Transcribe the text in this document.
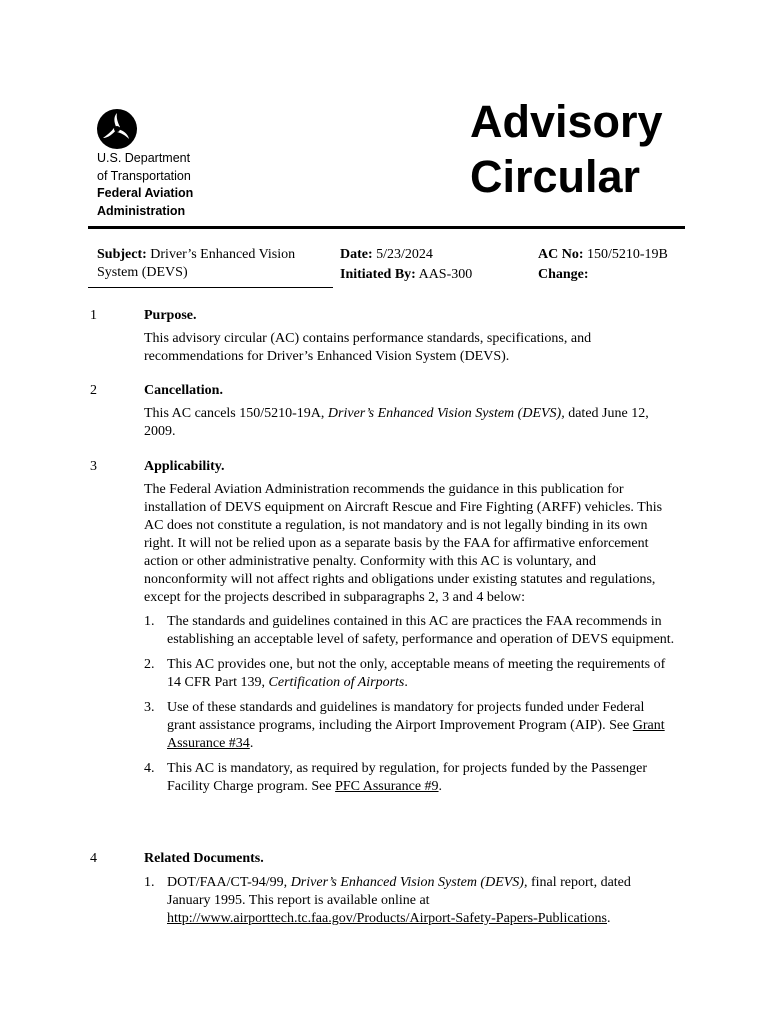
U.S. Department
of Transportation
Federal Aviation
Administration
Advisory
Circular
Subject: Driver’s Enhanced Vision
System (DEVS)
Date: 5/23/2024
Initiated By: AAS-300
AC No: 150/5210-19B
Change:
1	Purpose.

This advisory circular (AC) contains performance standards, specifications, and recommendations for Driver’s Enhanced Vision System (DEVS).

2	Cancellation.

This AC cancels 150/5210-19A, Driver’s Enhanced Vision System (DEVS), dated June 12, 2009.

3	Applicability.

The Federal Aviation Administration recommends the guidance in this publication for installation of DEVS equipment on Aircraft Rescue and Fire Fighting (ARFF) vehicles. This AC does not constitute a regulation, is not mandatory and is not legally binding in its own right. It will not be relied upon as a separate basis by the FAA for affirmative enforcement action or other administrative penalty. Conformity with this AC is voluntary, and nonconformity will not affect rights and obligations under existing statutes and regulations, except for the projects described in subparagraphs 2, 3 and 4 below:

1. The standards and guidelines contained in this AC are practices the FAA recommends in establishing an acceptable level of safety, performance and operation of DEVS equipment.
2. This AC provides one, but not the only, acceptable means of meeting the requirements of 14 CFR Part 139, Certification of Airports.
3. Use of these standards and guidelines is mandatory for projects funded under Federal grant assistance programs, including the Airport Improvement Program (AIP). See Grant Assurance #34.
4. This AC is mandatory, as required by regulation, for projects funded by the Passenger Facility Charge program. See PFC Assurance #9.
4	Related Documents.
1. DOT/FAA/CT-94/99, Driver’s Enhanced Vision System (DEVS), final report, dated January 1995. This report is available online at http://www.airporttech.tc.faa.gov/Products/Airport-Safety-Papers-Publications.
